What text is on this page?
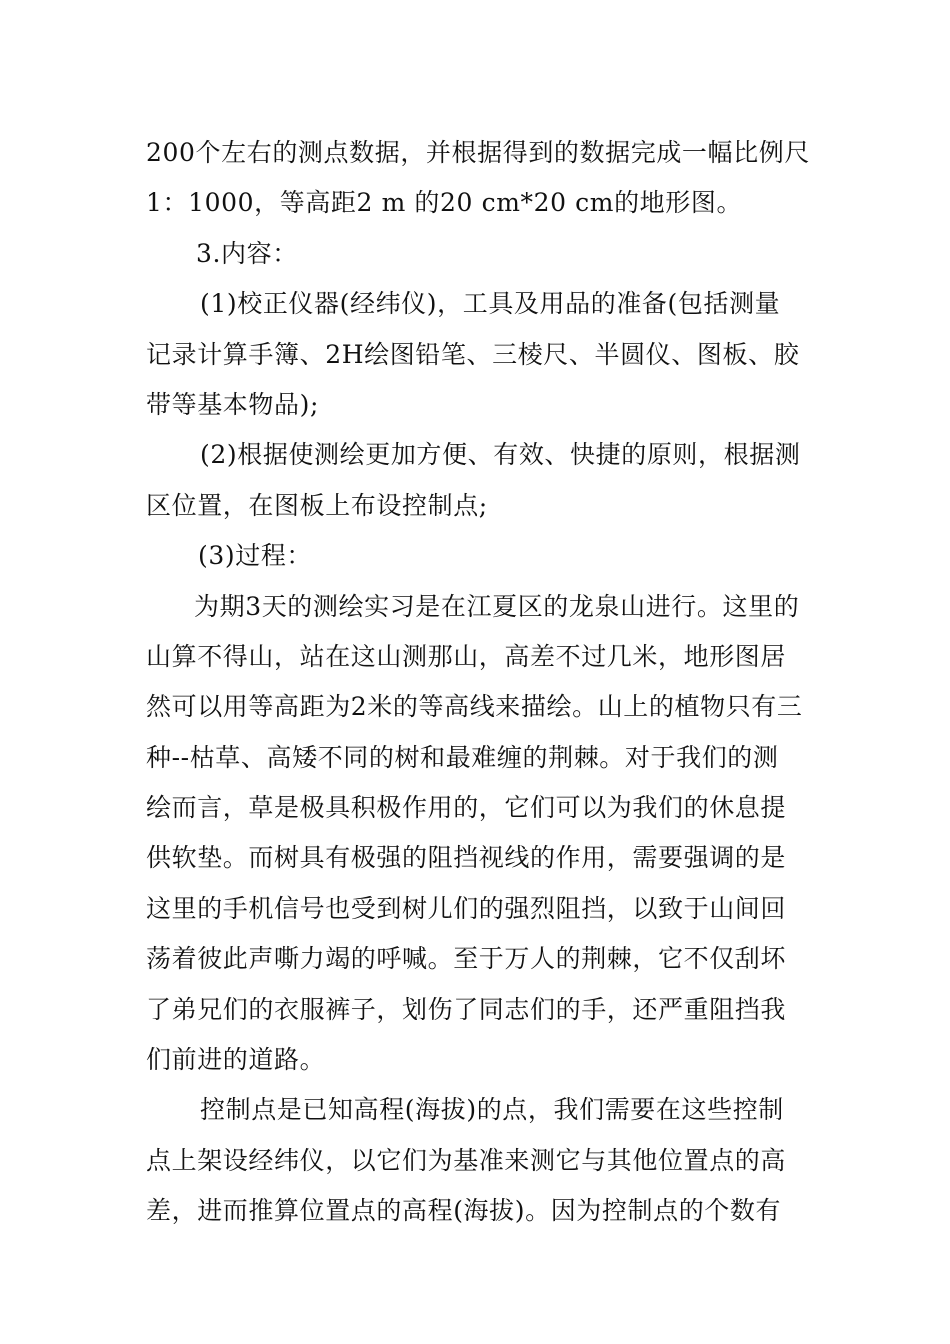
200个左右的测点数据，并根据得到的数据完成一幅比例尺
1：1000，等高距2 m 的20 cm*20 cm的地形图。
3.内容：
(1)校正仪器(经纬仪)，工具及用品的准备(包括测量
记录计算手簿、2H绘图铅笔、三棱尺、半圆仪、图板、胶
带等基本物品);
(2)根据使测绘更加方便、有效、快捷的原则，根据测
区位置，在图板上布设控制点;
(3)过程：
为期3天的测绘实习是在江夏区的龙泉山进行。这里的
山算不得山，站在这山测那山，高差不过几米，地形图居
然可以用等高距为2米的等高线来描绘。山上的植物只有三
种--枯草、高矮不同的树和最难缠的荆棘。对于我们的测
绘而言，草是极具积极作用的，它们可以为我们的休息提
供软垫。而树具有极强的阻挡视线的作用，需要强调的是
这里的手机信号也受到树儿们的强烈阻挡，以致于山间回
荡着彼此声嘶力竭的呼喊。至于万人的荆棘，它不仅刮坏
了弟兄们的衣服裤子，划伤了同志们的手，还严重阻挡我
们前进的道路。
控制点是已知高程(海拔)的点，我们需要在这些控制
点上架设经纬仪，以它们为基准来测它与其他位置点的高
差，进而推算位置点的高程(海拔)。因为控制点的个数有
